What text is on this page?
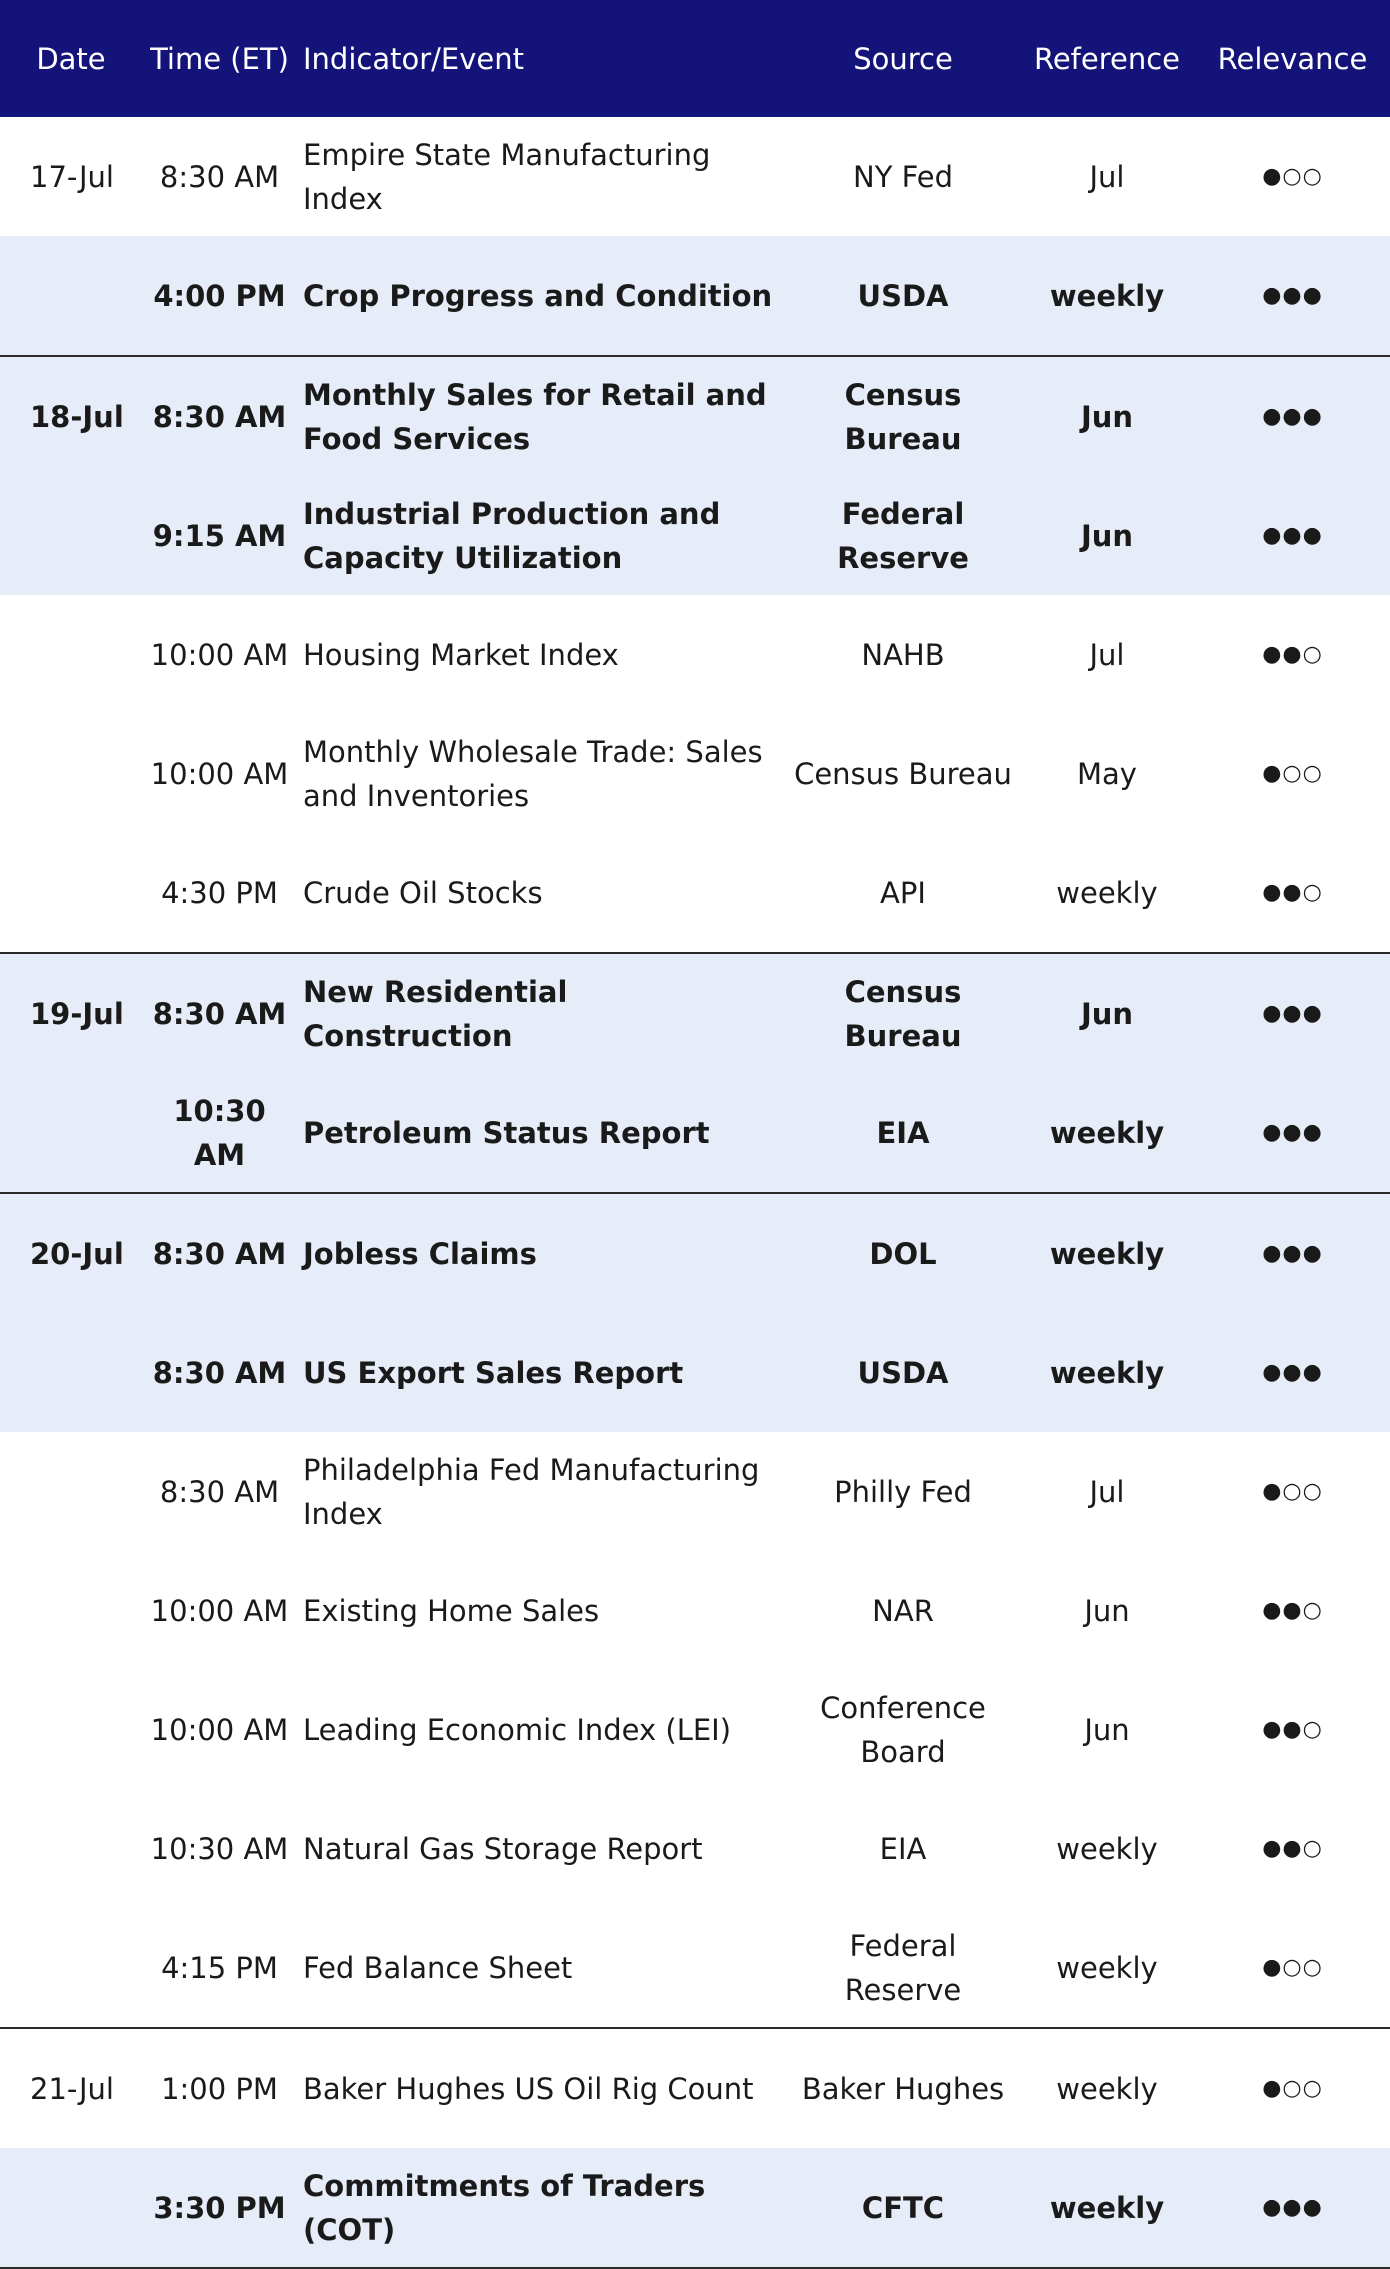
Date	Time (ET)	Indicator/Event	Source	Reference	Relevance
17-Jul	8:30 AM	Empire State Manufacturing Index	NY Fed	Jul	●○○
	4:00 PM	Crop Progress and Condition	USDA	weekly	●●●
18-Jul	8:30 AM	Monthly Sales for Retail and Food Services	Census Bureau	Jun	●●●
	9:15 AM	Industrial Production and Capacity Utilization	Federal Reserve	Jun	●●●
	10:00 AM	Housing Market Index	NAHB	Jul	●●○
	10:00 AM	Monthly Wholesale Trade: Sales and Inventories	Census Bureau	May	●○○
	4:30 PM	Crude Oil Stocks	API	weekly	●●○
19-Jul	8:30 AM	New Residential Construction	Census Bureau	Jun	●●●
	10:30 AM	Petroleum Status Report	EIA	weekly	●●●
20-Jul	8:30 AM	Jobless Claims	DOL	weekly	●●●
	8:30 AM	US Export Sales Report	USDA	weekly	●●●
	8:30 AM	Philadelphia Fed Manufacturing Index	Philly Fed	Jul	●○○
	10:00 AM	Existing Home Sales	NAR	Jun	●●○
	10:00 AM	Leading Economic Index (LEI)	Conference Board	Jun	●●○
	10:30 AM	Natural Gas Storage Report	EIA	weekly	●●○
	4:15 PM	Fed Balance Sheet	Federal Reserve	weekly	●○○
21-Jul	1:00 PM	Baker Hughes US Oil Rig Count	Baker Hughes	weekly	●○○
	3:30 PM	Commitments of Traders (COT)	CFTC	weekly	●●●
